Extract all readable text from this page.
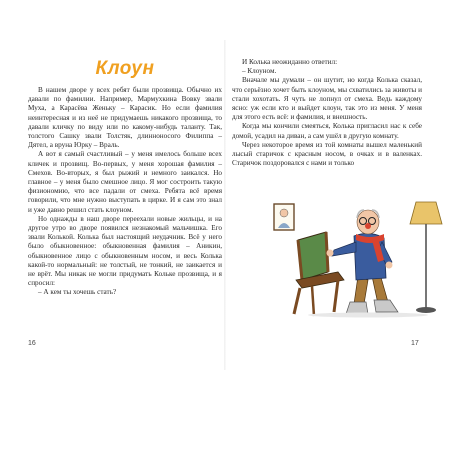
Клоун

В нашем дворе у всех ребят были прозвища. Обычно их давали по фамилии. Например, Мармухкина Вовку звали Муха, а Карасёва Женьку – Карасик. Но если фамилия неинтересная и из неё не придумаешь никакого прозвища, то давали кличку по виду или по какому-нибудь таланту. Так, толстого Сашку звали Толстяк, длинноносого Филиппа – Дятел, а вруна Юрку – Враль.

А вот я самый счастливый – у меня имелось больше всех кличек и прозвищ. Во-первых, у меня хорошая фамилия – Смехов. Во-вторых, я был рыжий и немного заикался. Но главное – у меня было смешное лицо. Я мог состроить такую физиономию, что все падали от смеха. Ребята всё время говорили, что мне нужно выступать в цирке. И я сам это знал и уже давно решил стать клоуном.

Но однажды в наш дворе переехали новые жильцы, и на другое утро во дворе появился незнакомый мальчишка. Его звали Колькой. Колька был настоящий неудачник. Всё у него было обыкновенное: обыкновенная фамилия – Аникин, обыкновенное лицо с обыкновенным носом, и весь Колька какой-то нормальный: не толстый, не тонкий, не заикается и не врёт. Мы никак не могли придумать Кольке прозвища, и я спросил:

– А кем ты хочешь стать?

И Колька неожиданно ответил:

– Клоуном.

Вначале мы думали – он шутит, но когда Колька сказал, что серьёзно хочет быть клоуном, мы схватились за животы и стали хохотать. Я чуть не лопнул от смеха. Ведь каждому ясно: уж если кто и выйдет клоун, так это из меня. У меня для этого есть всё: и фамилия, и внешность.

Когда мы кончили смеяться, Колька пригласил нас к себе домой, усадил на диван, а сам ушёл в другую комнату.

Через некоторое время из той комнаты вышел маленький лысый старичок с красным носом, в очках и в валенках. Старичок поздоровался с нами и только

16	17
